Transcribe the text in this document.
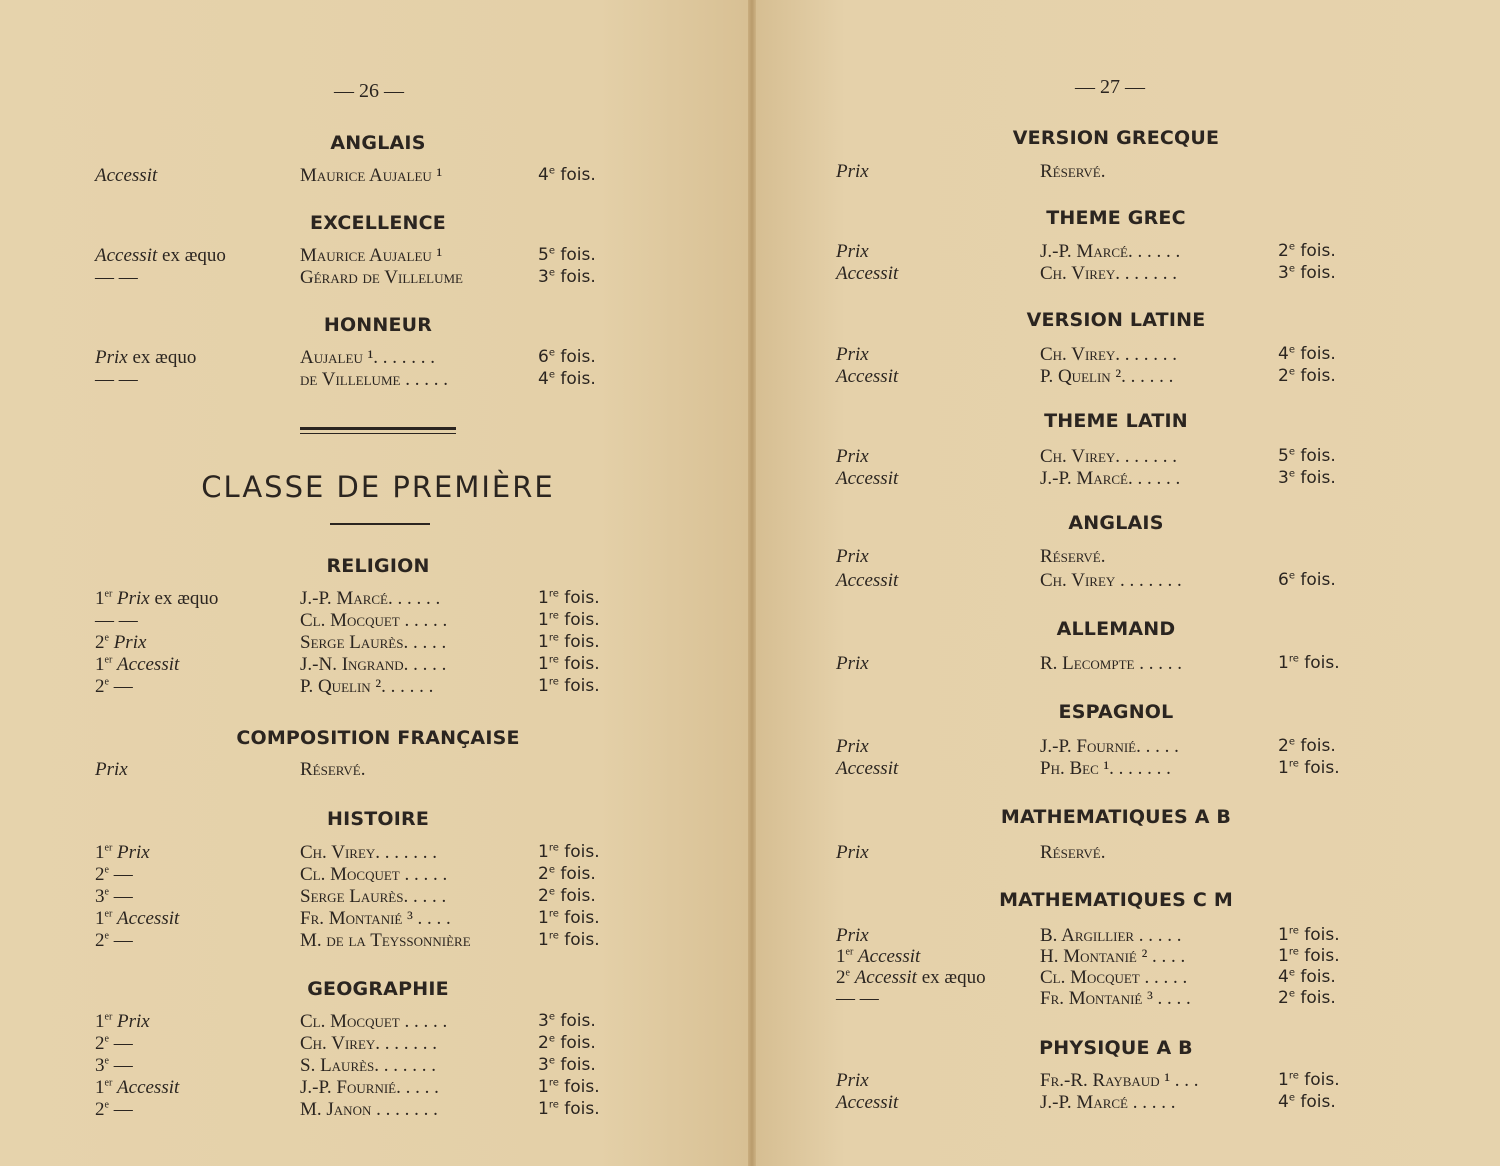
— 26 —
ANGLAIS
Accessit	Maurice Aujaleu ¹	4e fois.
EXCELLENCE
Accessit ex æquo	Maurice Aujaleu ¹	5e fois.
— —	Gérard de Villelume	3e fois.
HONNEUR
Prix ex æquo	Aujaleu ¹. . . . . . .	6e fois.
— —	de Villelume . . . . .	4e fois.
CLASSE DE PREMIÈRE
RELIGION
1er Prix ex æquo	J.-P. Marcé. . . . . .	1re fois.
— —	Cl. Mocquet . . . . .	1re fois.
2e Prix	Serge Laurès. . . . .	1re fois.
1er Accessit	J.-N. Ingrand. . . . .	1re fois.
2e —	P. Quelin ². . . . . .	1re fois.
COMPOSITION FRANÇAISE
Prix	Réservé.
HISTOIRE
1er Prix	Ch. Virey. . . . . . .	1re fois.
2e —	Cl. Mocquet . . . . .	2e fois.
3e —	Serge Laurès. . . . .	2e fois.
1er Accessit	Fr. Montanié ³ . . . .	1re fois.
2e —	M. de la Teyssonnière	1re fois.
GEOGRAPHIE
1er Prix	Cl. Mocquet . . . . .	3e fois.
2e —	Ch. Virey. . . . . . .	2e fois.
3e —	S. Laurès. . . . . . .	3e fois.
1er Accessit	J.-P. Fournié. . . . .	1re fois.
2e —	M. Janon . . . . . . .	1re fois.
— 27 —
VERSION GRECQUE
Prix	Réservé.
THEME GREC
Prix	J.-P. Marcé. . . . . .	2e fois.
Accessit	Ch. Virey. . . . . . .	3e fois.
VERSION LATINE
Prix	Ch. Virey. . . . . . .	4e fois.
Accessit	P. Quelin ². . . . . .	2e fois.
THEME LATIN
Prix	Ch. Virey. . . . . . .	5e fois.
Accessit	J.-P. Marcé. . . . . .	3e fois.
ANGLAIS
Prix	Réservé.
Accessit	Ch. Virey . . . . . . .	6e fois.
ALLEMAND
Prix	R. Lecompte . . . . .	1re fois.
ESPAGNOL
Prix	J.-P. Fournié. . . . .	2e fois.
Accessit	Ph. Bec ¹. . . . . . .	1re fois.
MATHEMATIQUES A B
Prix	Réservé.
MATHEMATIQUES C M
Prix	B. Argillier . . . . .	1re fois.
1er Accessit	H. Montanié ² . . . .	1re fois.
2e Accessit ex æquo	Cl. Mocquet . . . . .	4e fois.
— —	Fr. Montanié ³ . . . .	2e fois.
PHYSIQUE A B
Prix	Fr.-R. Raybaud ¹ . . .	1re fois.
Accessit	J.-P. Marcé . . . . .	4e fois.
